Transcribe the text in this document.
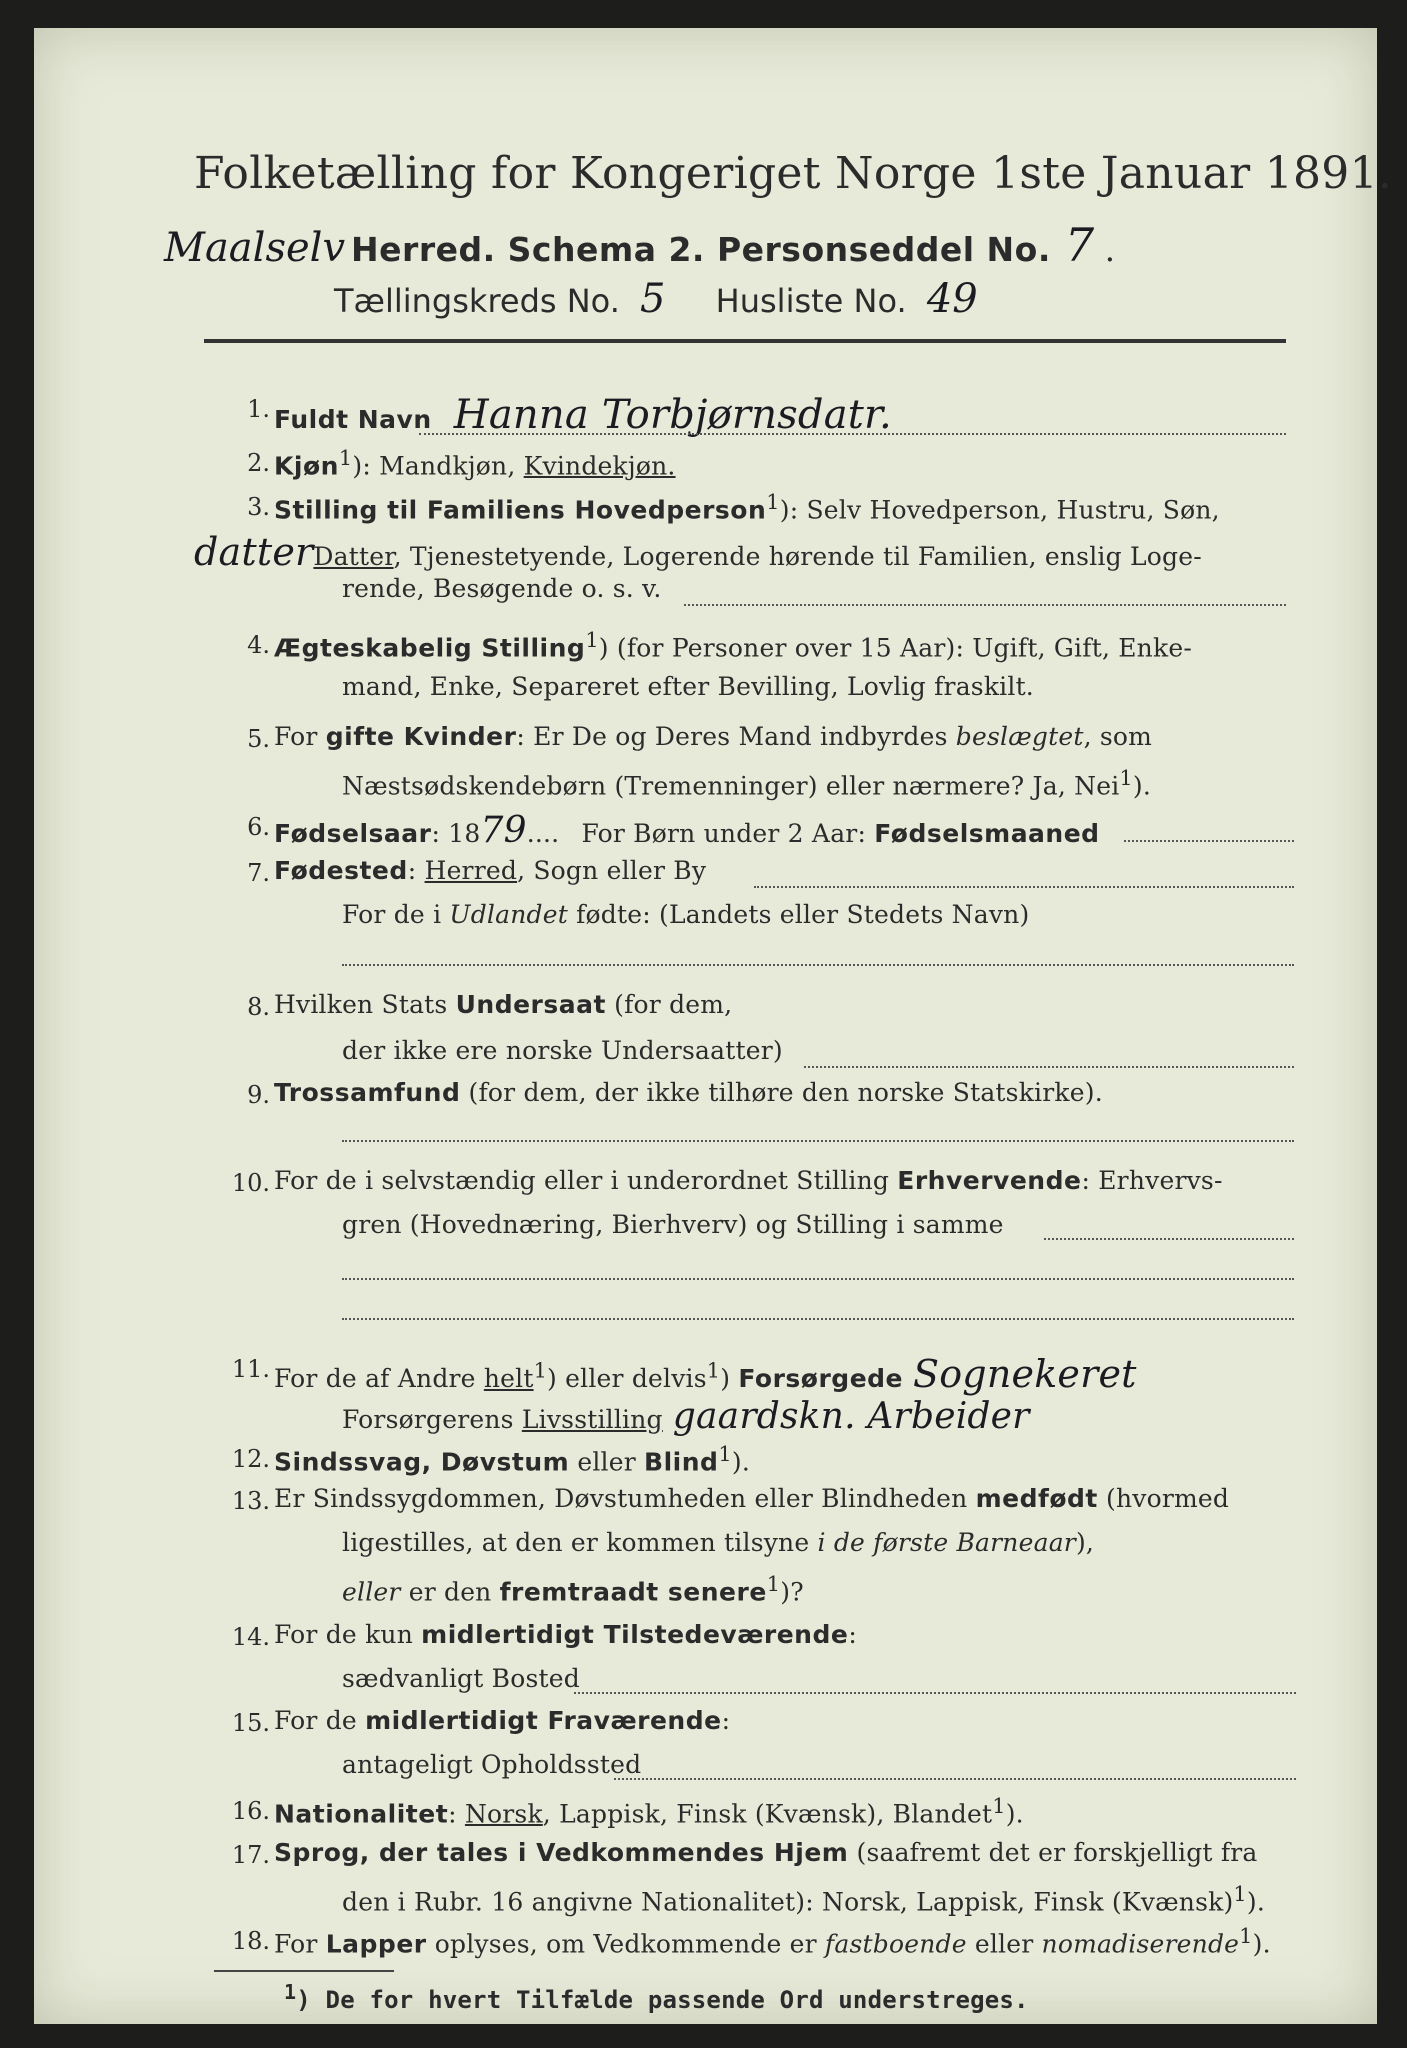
Folketælling for Kongeriget Norge 1ste Januar 1891.
Maalselv Herred. Schema 2. Personseddel No. 7 .
Tællingskreds No. 5 Husliste No. 49
1. Fuldt Navn Hanna Torbjørnsdatr.
2. Kjøn$^1$): Mandkjøn, Kvindekjøn.
3. Stilling til Familiens Hovedperson$^1$): Selv Hovedperson, Hustru, Søn,
datterDatter, Tjenestetyende, Logerende hørende til Familien, enslig Loge-
rende, Besøgende o. s. v.
4. Ægteskabelig Stilling$^1$) (for Personer over 15 Aar): Ugift, Gift, Enke-
mand, Enke, Separeret efter Bevilling, Lovlig fraskilt.
5. For gifte Kvinder: Er De og Deres Mand indbyrdes beslægtet, som
Næstsødskendebørn (Tremenninger) eller nærmere? Ja, Nei$^1$).
6. Fødselsaar: 1879.... For Børn under 2 Aar: Fødselsmaaned
7. Fødested: Herred, Sogn eller By
For de i Udlandet fødte: (Landets eller Stedets Navn)
8. Hvilken Stats Undersaat (for dem,
der ikke ere norske Undersaatter)
9. Trossamfund (for dem, der ikke tilhøre den norske Statskirke).
10. For de i selvstændig eller i underordnet Stilling Erhvervende: Erhvervs-
gren (Hovednæring, Bierhverv) og Stilling i samme
11. For de af Andre helt$^1$) eller delvis$^1$) Forsørgede Sognekeret
Forsørgerens Livsstilling gaardskn. Arbeider
12. Sindssvag, Døvstum eller Blind$^1$).
13. Er Sindssygdommen, Døvstumheden eller Blindheden medfødt (hvormed
ligestilles, at den er kommen tilsyne i de første Barneaar),
eller er den fremtraadt senere$^1$)?
14. For de kun midlertidigt Tilstedeværende:
sædvanligt Bosted
15. For de midlertidigt Fraværende:
antageligt Opholdssted
16. Nationalitet: Norsk, Lappisk, Finsk (Kvænsk), Blandet$^1$).
17. Sprog, der tales i Vedkommendes Hjem (saafremt det er forskjelligt fra
den i Rubr. 16 angivne Nationalitet): Norsk, Lappisk, Finsk (Kvænsk)$^1$).
18. For Lapper oplyses, om Vedkommende er fastboende eller nomadiserende$^1$).
$^1$) De for hvert Tilfælde passende Ord understreges.
